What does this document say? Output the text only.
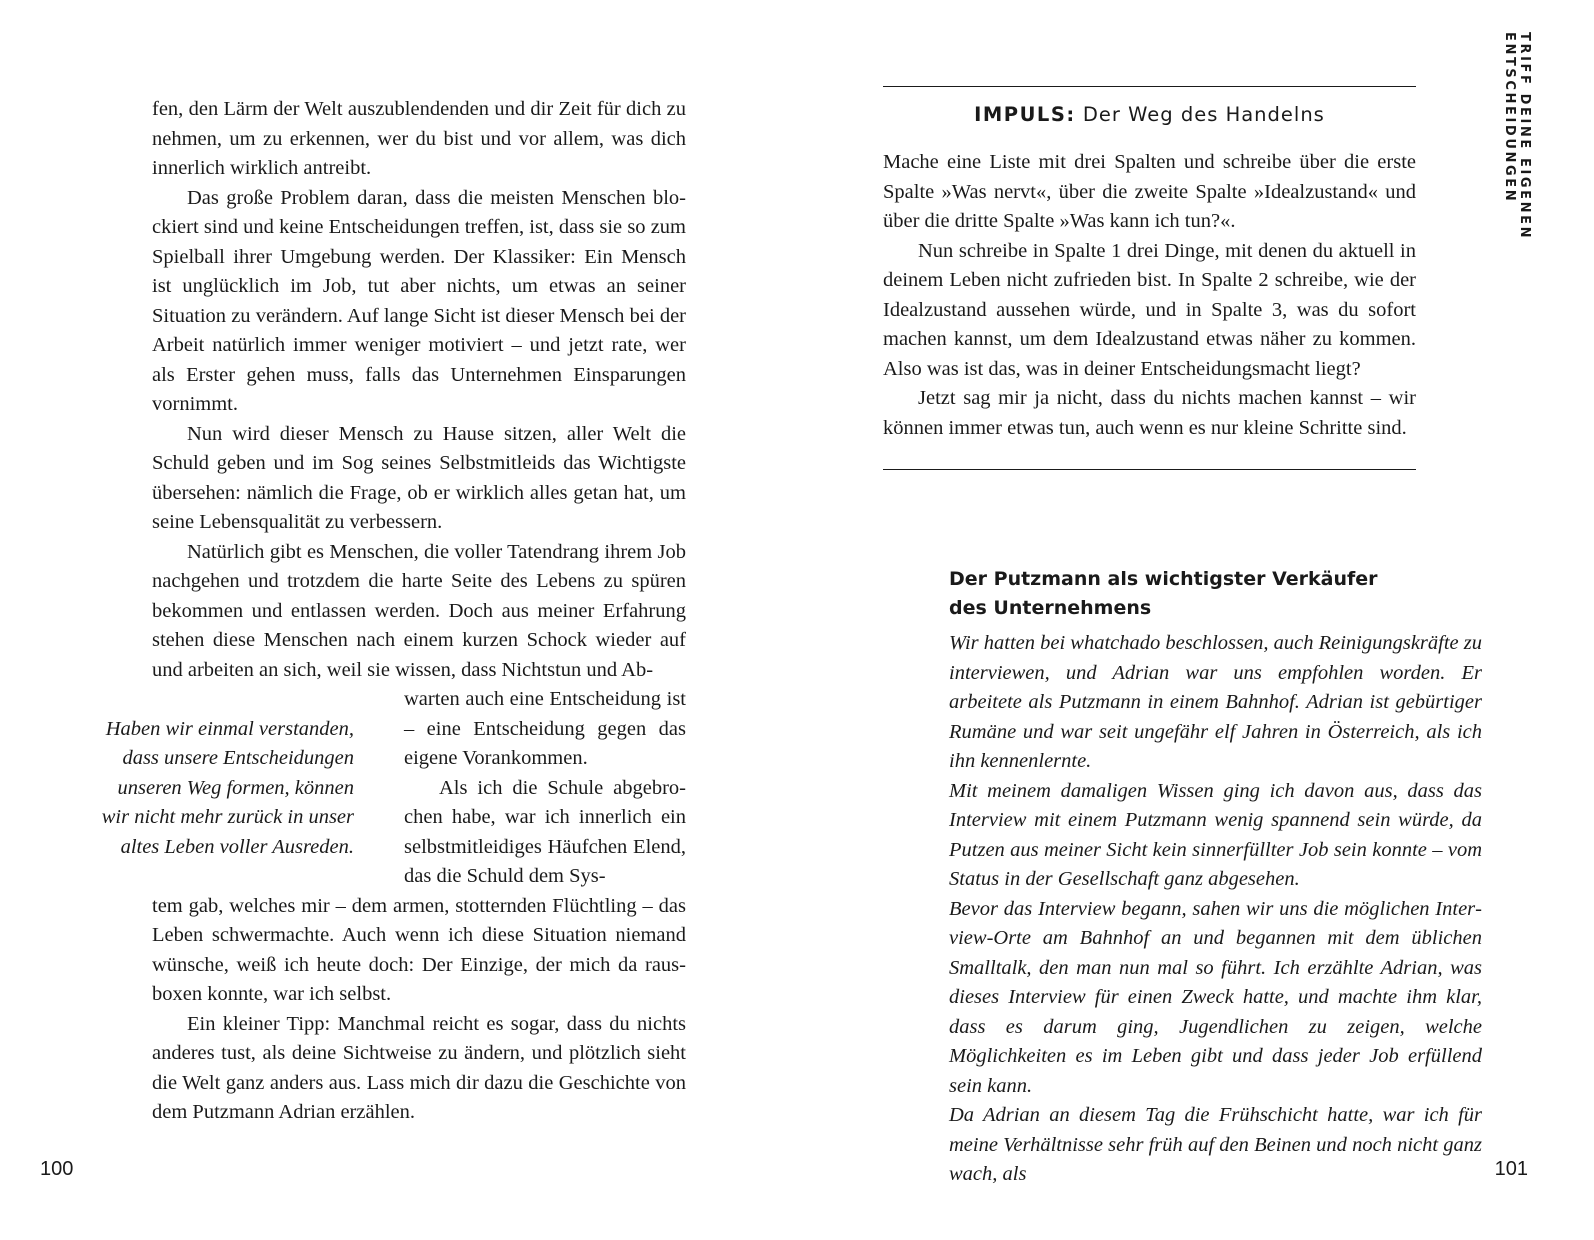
fen, den Lärm der Welt auszublendenden und dir Zeit für dich zu nehmen, um zu erkennen, wer du bist und vor allem, was dich innerlich wirklich antreibt.

Das große Problem daran, dass die meisten Menschen blockiert sind und keine Entscheidungen treffen, ist, dass sie so zum Spielball ihrer Umgebung werden. Der Klassiker: Ein Mensch ist unglücklich im Job, tut aber nichts, um etwas an seiner Situation zu verändern. Auf lange Sicht ist dieser Mensch bei der Arbeit natürlich immer weniger motiviert – und jetzt rate, wer als Erster gehen muss, falls das Unternehmen Einsparungen vornimmt.

Nun wird dieser Mensch zu Hause sitzen, aller Welt die Schuld geben und im Sog seines Selbstmitleids das Wichtigste übersehen: nämlich die Frage, ob er wirklich alles getan hat, um seine Lebensqualität zu verbessern.

Natürlich gibt es Menschen, die voller Tatendrang ihrem Job nachgehen und trotzdem die harte Seite des Lebens zu spüren bekommen und entlassen werden. Doch aus meiner Erfahrung stehen diese Menschen nach einem kurzen Schock wieder auf und arbeiten an sich, weil sie wissen, dass Nichtstun und Ab-

Haben wir einmal verstanden, dass unsere Entscheidungen unseren Weg formen, können wir nicht mehr zurück in unser altes Leben voller Ausreden.

warten auch eine Entscheidung ist – eine Entscheidung gegen das eigene Vorankommen.

Als ich die Schule abgebrochen habe, war ich innerlich ein selbstmitleidiges Häufchen Elend, das die Schuld dem Sys-

tem gab, welches mir – dem armen, stotternden Flüchtling – das Leben schwermachte. Auch wenn ich diese Situation niemand wünsche, weiß ich heute doch: Der Einzige, der mich da rausboxen konnte, war ich selbst.

Ein kleiner Tipp: Manchmal reicht es sogar, dass du nichts anderes tust, als deine Sichtweise zu ändern, und plötzlich sieht die Welt ganz anders aus. Lass mich dir dazu die Geschichte von dem Putzmann Adrian erzählen.

100
IMPULS: Der Weg des Handelns

Mache eine Liste mit drei Spalten und schreibe über die erste Spalte »Was nervt«, über die zweite Spalte »Idealzustand« und über die dritte Spalte »Was kann ich tun?«.

Nun schreibe in Spalte 1 drei Dinge, mit denen du aktuell in deinem Leben nicht zufrieden bist. In Spalte 2 schreibe, wie der Idealzustand aussehen würde, und in Spalte 3, was du sofort machen kannst, um dem Idealzustand etwas näher zu kommen. Also was ist das, was in deiner Entscheidungsmacht liegt?

Jetzt sag mir ja nicht, dass du nichts machen kannst – wir können immer etwas tun, auch wenn es nur kleine Schritte sind.

Der Putzmann als wichtigster Verkäufer
des Unternehmens

Wir hatten bei whatchado beschlossen, auch Reinigungskräfte zu interviewen, und Adrian war uns empfohlen worden. Er arbeitete als Putzmann in einem Bahnhof. Adrian ist gebürtiger Rumäne und war seit ungefähr elf Jahren in Österreich, als ich ihn kennenlernte.

Mit meinem damaligen Wissen ging ich davon aus, dass das Interview mit einem Putzmann wenig spannend sein würde, da Putzen aus meiner Sicht kein sinnerfüllter Job sein konnte – vom Status in der Gesellschaft ganz abgesehen.

Bevor das Interview begann, sahen wir uns die möglichen Interview-Orte am Bahnhof an und begannen mit dem üblichen Smalltalk, den man nun mal so führt. Ich erzählte Adrian, was dieses Interview für einen Zweck hatte, und machte ihm klar, dass es darum ging, Jugendlichen zu zeigen, welche Möglichkeiten es im Leben gibt und dass jeder Job erfüllend sein kann.

Da Adrian an diesem Tag die Frühschicht hatte, war ich für meine Verhältnisse sehr früh auf den Beinen und noch nicht ganz wach, als

TRIFF DEINE EIGENEN ENTSCHEIDUNGEN
101
